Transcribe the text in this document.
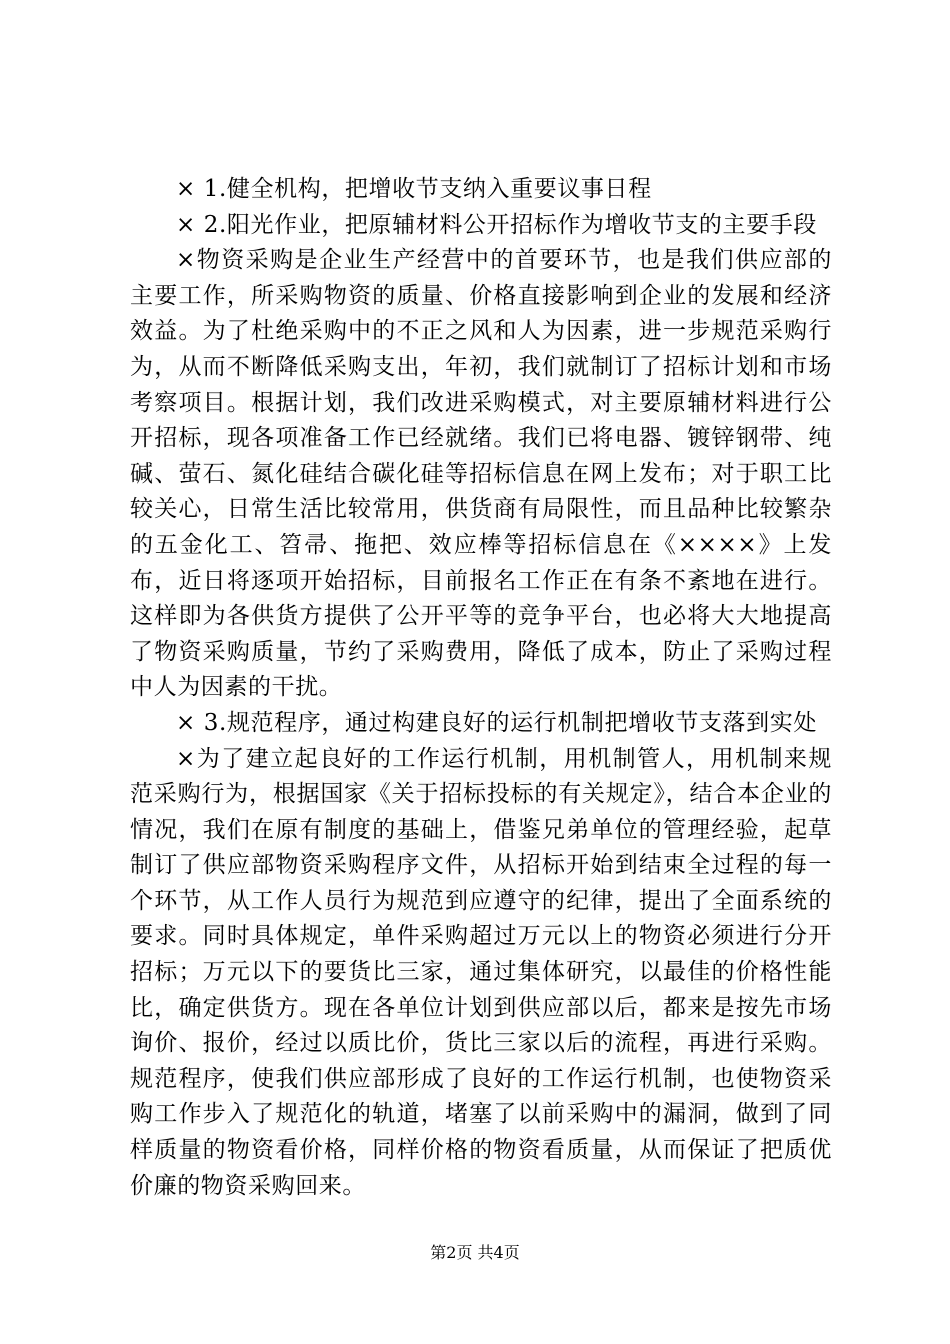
× 1.健全机构，把增收节支纳入重要议事日程

× 2.阳光作业，把原辅材料公开招标作为增收节支的主要手段

×物资采购是企业生产经营中的首要环节，也是我们供应部的主要工作，所采购物资的质量、价格直接影响到企业的发展和经济效益。为了杜绝采购中的不正之风和人为因素，进一步规范采购行为，从而不断降低采购支出，年初，我们就制订了招标计划和市场考察项目。根据计划，我们改进采购模式，对主要原辅材料进行公开招标，现各项准备工作已经就绪。我们已将电器、镀锌钢带、纯碱、萤石、氮化硅结合碳化硅等招标信息在网上发布；对于职工比较关心，日常生活比较常用，供货商有局限性，而且品种比较繁杂的五金化工、笤帚、拖把、效应棒等招标信息在《××××》上发布，近日将逐项开始招标，目前报名工作正在有条不紊地在进行。这样即为各供货方提供了公开平等的竞争平台，也必将大大地提高了物资采购质量，节约了采购费用，降低了成本，防止了采购过程中人为因素的干扰。

× 3.规范程序，通过构建良好的运行机制把增收节支落到实处

×为了建立起良好的工作运行机制，用机制管人，用机制来规范采购行为，根据国家《关于招标投标的有关规定》，结合本企业的情况，我们在原有制度的基础上，借鉴兄弟单位的管理经验，起草制订了供应部物资采购程序文件，从招标开始到结束全过程的每一个环节，从工作人员行为规范到应遵守的纪律，提出了全面系统的要求。同时具体规定，单件采购超过万元以上的物资必须进行分开招标；万元以下的要货比三家，通过集体研究，以最佳的价格性能比，确定供货方。现在各单位计划到供应部以后，都来是按先市场询价、报价，经过以质比价，货比三家以后的流程，再进行采购。规范程序，使我们供应部形成了良好的工作运行机制，也使物资采购工作步入了规范化的轨道，堵塞了以前采购中的漏洞，做到了同样质量的物资看价格，同样价格的物资看质量，从而保证了把质优价廉的物资采购回来。

第2页 共4页
